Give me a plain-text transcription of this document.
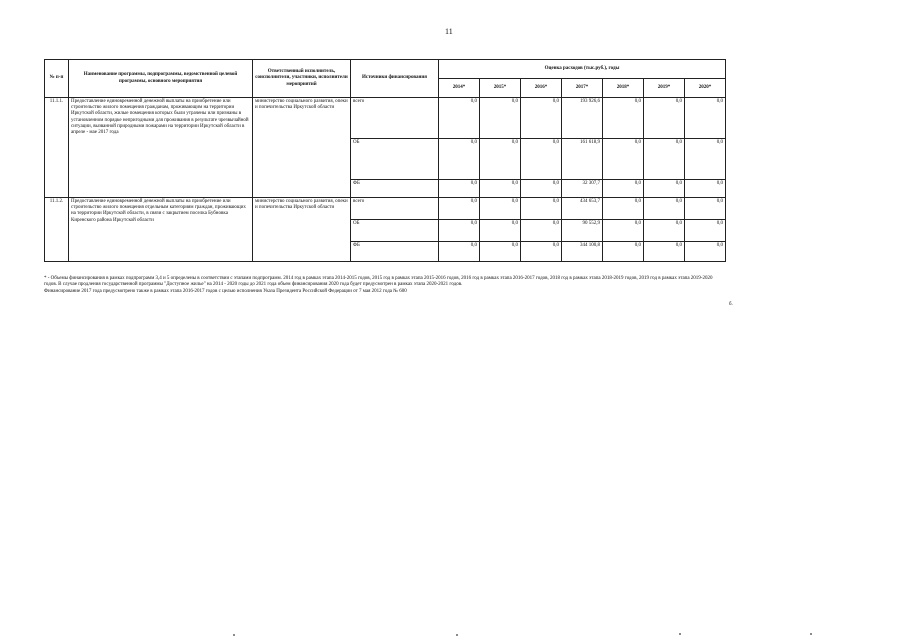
11
№ п-п	Наименование программы, подпрограммы, ведомственной целевой программы, основного мероприятия	Ответственный исполнитель, соисполнители, участники, исполнители мероприятий	Источники финансирования	Оценка расходов (тыс.руб.), годы						
				2014*	2015*	2016*	2017*	2018*	2019*	2020*
11.1.1.	Предоставление единовременной денежной выплаты на приобретение или строительство жилого помещения гражданам, проживающим на территории Иркутской области, жилые помещения которых были утрачены или признаны в установленном порядке непригодными для проживания в результате чрезвычайной ситуации, вызванной природными пожарами на территории Иркутской области в апреле - мае 2017 года	министерство социального развития, опеки и попечительства Иркутской области	всего	0,0	0,0	0,0	193 926,6	0,0	0,0	0,0
			ОБ	0,0	0,0	0,0	161 618,9	0,0	0,0	0,0
			ФБ	0,0	0,0	0,0	32 307,7	0,0	0,0	0,0
11.1.2.	Предоставление единовременной денежной выплаты на приобретение или строительство жилого помещения отдельным категориям граждан, проживающих на территории Иркутской области, в связи с закрытием поселка Бубновка Киренского района Иркутской области	министерство социального развития, опеки и попечительства Иркутской области	всего	0,0	0,0	0,0	434 653,7	0,0	0,0	0,0
			ОБ	0,0	0,0	0,0	90 552,9	0,0	0,0	0,0
			ФБ	0,0	0,0	0,0	344 100,8	0,0	0,0	0,0

* - Объемы финансирования в рамках подпрограмм 3,4 и 5 определены в соответствии с этапами подпрограмм. 2014 год в рамках этапа 2014-2015 годов, 2015 год в рамках этапа 2015-2016 годов, 2016 год в рамках этапа 2016-2017 годов, 2018 год в рамках этапа 2018-2019 годов, 2019 год в рамках этапа 2019-2020 годов. В случае продления государственной программы "Доступное жилье" на 2014 - 2020 годы до 2021 года объем финансирования 2020 года будет предусмотрен в рамках этапа 2020-2021 годов.

Финансирование 2017 года предусмотрено также в рамках этапа 2016-2017 годов с целью исполнения Указа Президента Российской Федерации от 7 мая 2012 года № 600

б.
